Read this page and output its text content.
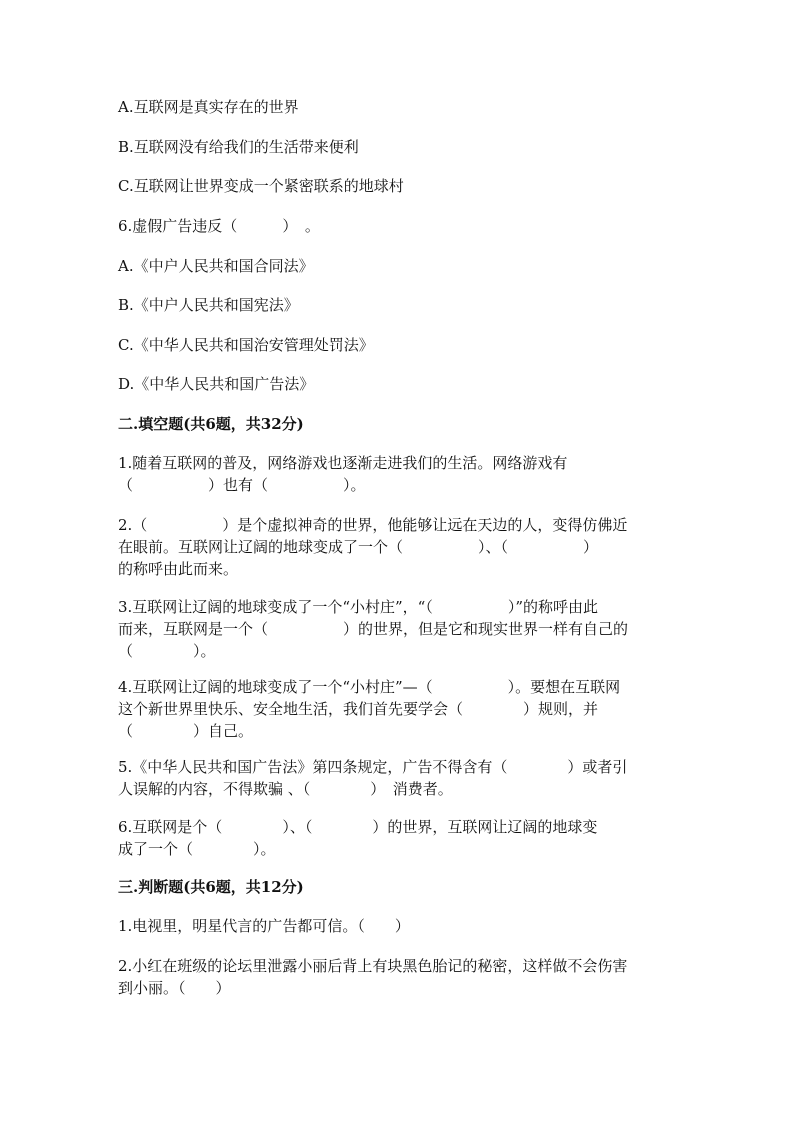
A.互联网是真实存在的世界
B.互联网没有给我们的生活带来便利
C.互联网让世界变成一个紧密联系的地球村
6.虚假广告违反（　　　）　。
A.《中户人民共和国合同法》
B.《中户人民共和国宪法》
C.《中华人民共和国治安管理处罚法》
D.《中华人民共和国广告法》
二.填空题(共6题，共32分)
1.随着互联网的普及，网络游戏也逐渐走进我们的生活。网络游戏有
（　　　　　）也有（　　　　　）。
2.（　　　　　）是个虚拟神奇的世界，他能够让远在天边的人，变得仿佛近
在眼前。互联网让辽阔的地球变成了一个（　　　　　）、（　　　　　）
的称呼由此而来。
3.互联网让辽阔的地球变成了一个“小村庄”，“（　　　　　）”的称呼由此
而来，互联网是一个（　　　　　）的世界，但是它和现实世界一样有自己的
（　　　　）。
4.互联网让辽阔的地球变成了一个“小村庄”—（　　　　　）。要想在互联网
这个新世界里快乐、安全地生活，我们首先要学会（　　　　）规则，并
（　　　　）自己。
5.《中华人民共和国广告法》第四条规定，广告不得含有（　　　　）或者引
人误解的内容，不得欺骗 、（　　　　）　消费者。
6.互联网是个（　　　　）、（　　　　）的世界，互联网让辽阔的地球变
成了一个（　　　　）。
三.判断题(共6题，共12分)
1.电视里，明星代言的广告都可信。（　　）
2.小红在班级的论坛里泄露小丽后背上有块黑色胎记的秘密，这样做不会伤害
到小丽。（　　）
